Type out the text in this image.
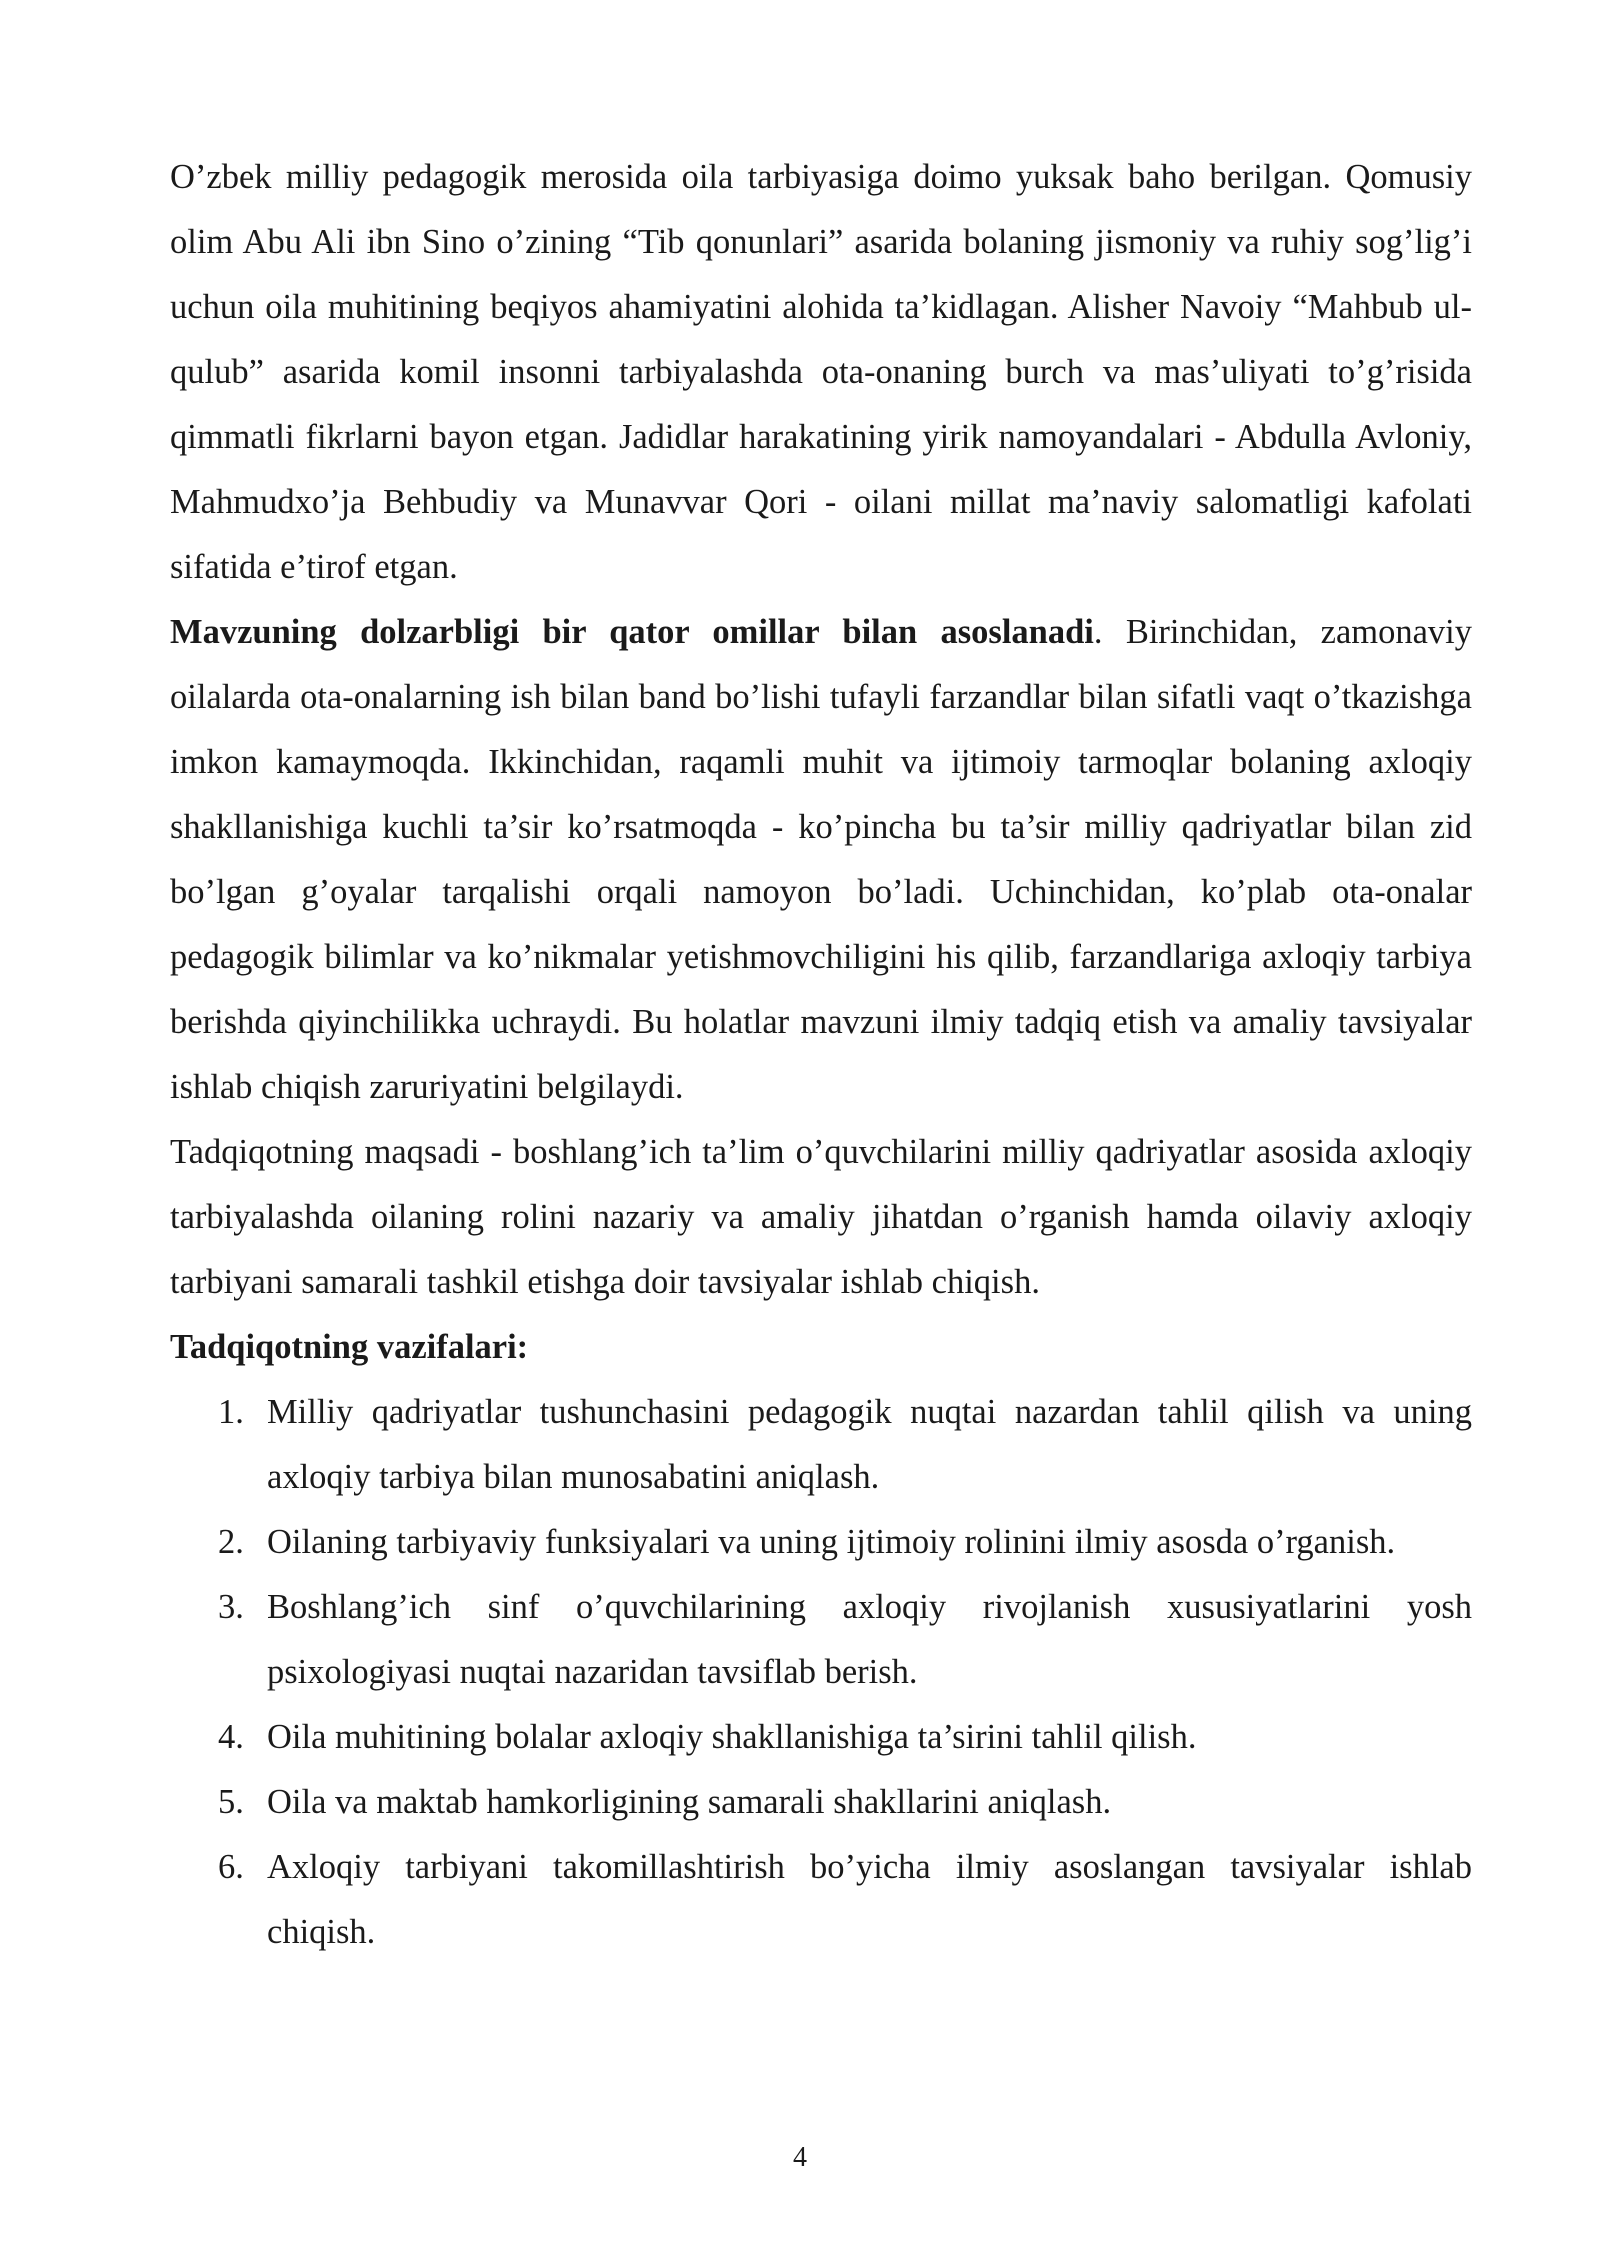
O’zbek milliy pedagogik merosida oila tarbiyasiga doimo yuksak baho berilgan. Qomusiy olim Abu Ali ibn Sino o’zining “Tib qonunlari” asarida bolaning jismoniy va ruhiy sog’lig’i uchun oila muhitining beqiyos ahamiyatini alohida ta’kidlagan. Alisher Navoiy “Mahbub ul-qulub” asarida komil insonni tarbiyalashda ota-onaning burch va mas’uliyati to’g’risida qimmatli fikrlarni bayon etgan. Jadidlar harakatining yirik namoyandalari - Abdulla Avloniy, Mahmudxo’ja Behbudiy va Munavvar Qori - oilani millat ma’naviy salomatligi kafolati sifatida e’tirof etgan.

Mavzuning dolzarbligi bir qator omillar bilan asoslanadi. Birinchidan, zamonaviy oilalarda ota-onalarning ish bilan band bo’lishi tufayli farzandlar bilan sifatli vaqt o’tkazishga imkon kamaymoqda. Ikkinchidan, raqamli muhit va ijtimoiy tarmoqlar bolaning axloqiy shakllanishiga kuchli ta’sir ko’rsatmoqda - ko’pincha bu ta’sir milliy qadriyatlar bilan zid bo’lgan g’oyalar tarqalishi orqali namoyon bo’ladi. Uchinchidan, ko’plab ota-onalar pedagogik bilimlar va ko’nikmalar yetishmovchiligini his qilib, farzandlariga axloqiy tarbiya berishda qiyinchilikka uchraydi. Bu holatlar mavzuni ilmiy tadqiq etish va amaliy tavsiyalar ishlab chiqish zaruriyatini belgilaydi.

Tadqiqotning maqsadi - boshlang’ich ta’lim o’quvchilarini milliy qadriyatlar asosida axloqiy tarbiyalashda oilaning rolini nazariy va amaliy jihatdan o’rganish hamda oilaviy axloqiy tarbiyani samarali tashkil etishga doir tavsiyalar ishlab chiqish.

Tadqiqotning vazifalari:

1. Milliy qadriyatlar tushunchasini pedagogik nuqtai nazardan tahlil qilish va uning axloqiy tarbiya bilan munosabatini aniqlash.
2. Oilaning tarbiyaviy funksiyalari va uning ijtimoiy rolinini ilmiy asosda o’rganish.
3. Boshlang’ich sinf o’quvchilarining axloqiy rivojlanish xususiyatlarini yosh psixologiyasi nuqtai nazaridan tavsiflab berish.
4. Oila muhitining bolalar axloqiy shakllanishiga ta’sirini tahlil qilish.
5. Oila va maktab hamkorligining samarali shakllarini aniqlash.
6. Axloqiy tarbiyani takomillashtirish bo’yicha ilmiy asoslangan tavsiyalar ishlab chiqish.
4
